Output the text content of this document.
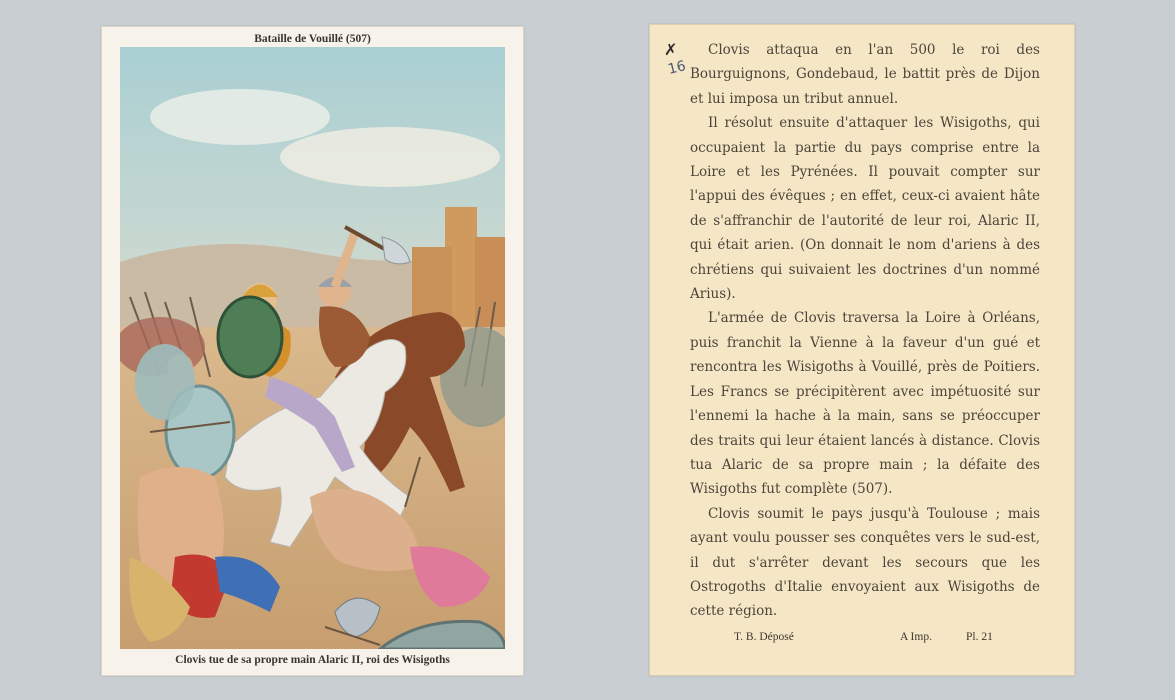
Bataille de Vouillé (507)
Clovis tue de sa propre main Alaric II, roi des Wisigoths
✗
16

Clovis attaqua en l'an 500 le roi des Bourguignons, Gondebaud, le battit près de Dijon et lui imposa un tribut annuel.

Il résolut ensuite d'attaquer les Wisigoths, qui occupaient la partie du pays comprise entre la Loire et les Pyrénées. Il pouvait compter sur l'appui des évêques ; en effet, ceux-ci avaient hâte de s'affranchir de l'autorité de leur roi, Alaric II, qui était arien. (On donnait le nom d'ariens à des chrétiens qui suivaient les doctrines d'un nommé Arius).

L'armée de Clovis traversa la Loire à Orléans, puis franchit la Vienne à la faveur d'un gué et rencontra les Wisigoths à Vouillé, près de Poitiers. Les Francs se précipitèrent avec impétuosité sur l'ennemi la hache à la main, sans se préoccuper des traits qui leur étaient lancés à distance. Clovis tua Alaric de sa propre main ; la défaite des Wisigoths fut complète (507).

Clovis soumit le pays jusqu'à Toulouse ; mais ayant voulu pousser ses conquêtes vers le sud-est, il dut s'arrêter devant les secours que les Ostrogoths d'Italie envoyaient aux Wisigoths de cette région.

T. B. Déposé	A Imp.	Pl. 21
